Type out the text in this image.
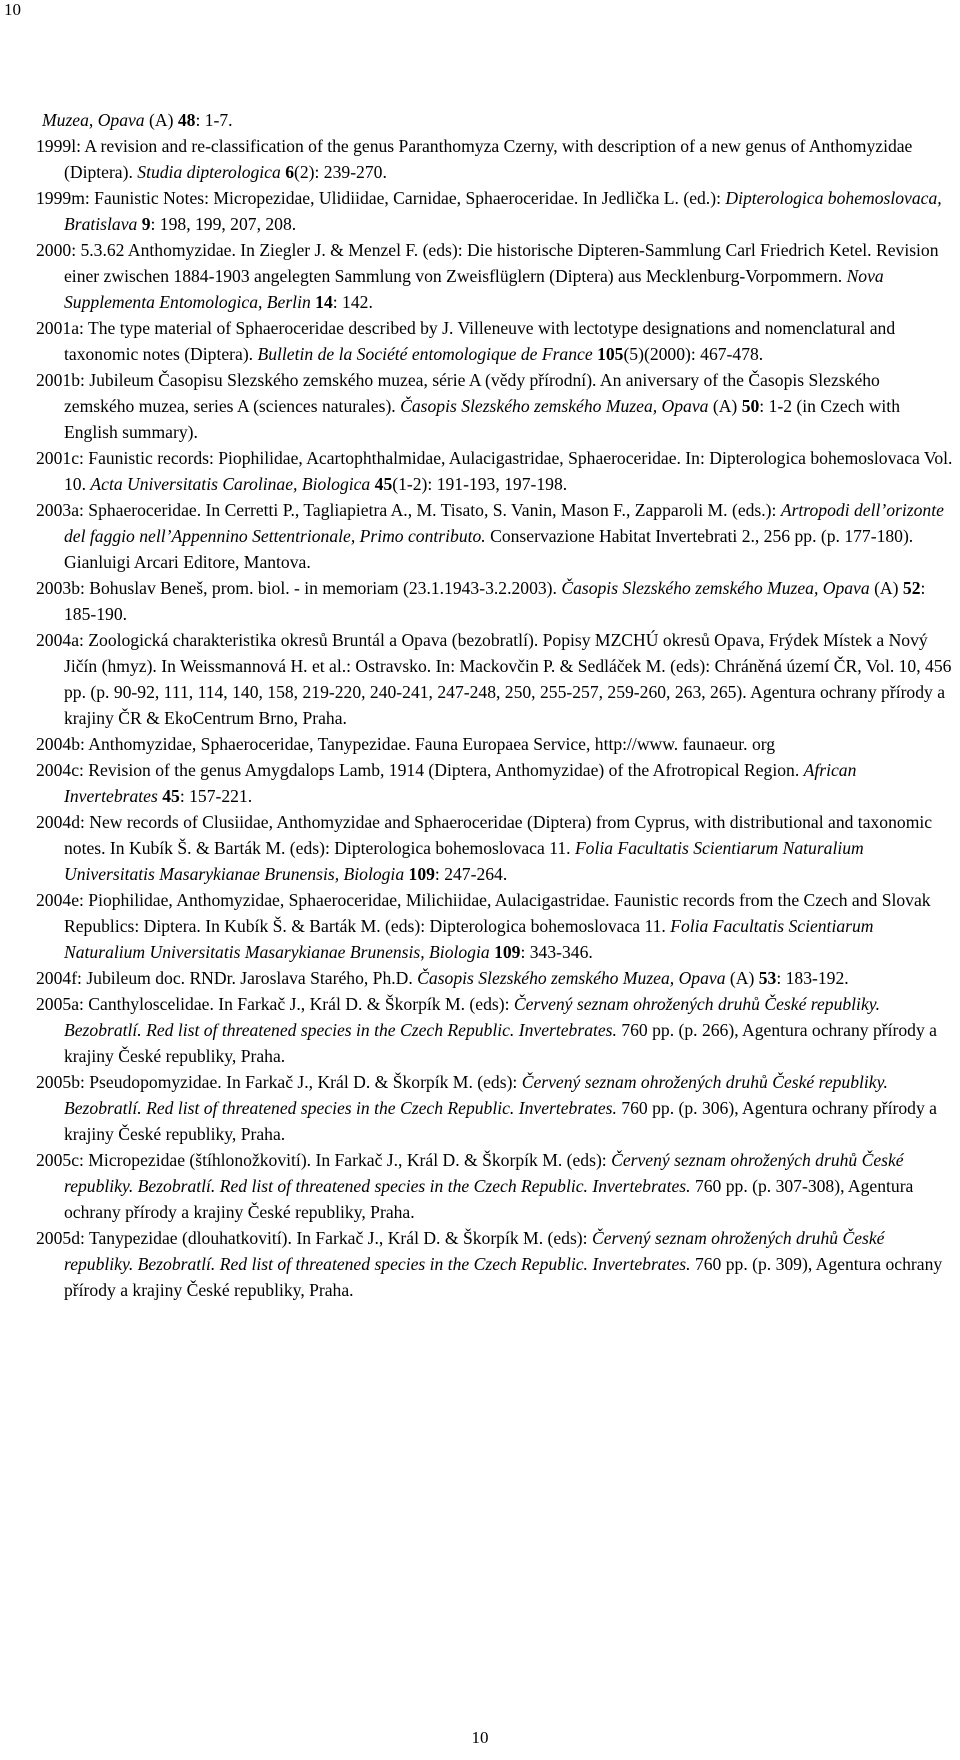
10

Muzea, Opava (A) 48: 1-7.

1999l: A revision and re-classification of the genus Paranthomyza Czerny, with description of a new genus of Anthomyzidae (Diptera). Studia dipterologica 6(2): 239-270.

1999m: Faunistic Notes: Micropezidae, Ulidiidae, Carnidae, Sphaeroceridae. In Jedlička L. (ed.): Dipterologica bohemoslovaca, Bratislava 9: 198, 199, 207, 208.

2000: 5.3.62 Anthomyzidae. In Ziegler J. & Menzel F. (eds): Die historische Dipteren-Sammlung Carl Friedrich Ketel. Revision einer zwischen 1884-1903 angelegten Sammlung von Zweisflüglern (Diptera) aus Mecklenburg-Vorpommern. Nova Supplementa Entomologica, Berlin 14: 142.

2001a: The type material of Sphaeroceridae described by J. Villeneuve with lectotype designations and nomenclatural and taxonomic notes (Diptera). Bulletin de la Société entomologique de France 105(5)(2000): 467-478.

2001b: Jubileum Časopisu Slezského zemského muzea, série A (vědy přírodní). An aniversary of the Časopis Slezského zemského muzea, series A (sciences naturales). Časopis Slezského zemského Muzea, Opava (A) 50: 1-2 (in Czech with English summary).

2001c: Faunistic records: Piophilidae, Acartophthalmidae, Aulacigastridae, Sphaeroceridae. In: Dipterologica bohemoslovaca Vol. 10. Acta Universitatis Carolinae, Biologica 45(1-2): 191-193, 197-198.

2003a: Sphaeroceridae. In Cerretti P., Tagliapietra A., M. Tisato, S. Vanin, Mason F., Zapparoli M. (eds.): Artropodi dell’orizonte del faggio nell’Appennino Settentrionale, Primo contributo. Conservazione Habitat Invertebrati 2., 256 pp. (p. 177-180). Gianluigi Arcari Editore, Mantova.

2003b: Bohuslav Beneš, prom. biol. - in memoriam (23.1.1943-3.2.2003). Časopis Slezského zemského Muzea, Opava (A) 52: 185-190.

2004a: Zoologická charakteristika okresů Bruntál a Opava (bezobratlí). Popisy MZCHÚ okresů Opava, Frýdek Místek a Nový Jičín (hmyz). In Weissmannová H. et al.: Ostravsko. In: Mackovčin P. & Sedláček M. (eds): Chráněná území ČR, Vol. 10, 456 pp. (p. 90-92, 111, 114, 140, 158, 219-220, 240-241, 247-248, 250, 255-257, 259-260, 263, 265). Agentura ochrany přírody a krajiny ČR & EkoCentrum Brno, Praha.

2004b: Anthomyzidae, Sphaeroceridae, Tanypezidae. Fauna Europaea Service, http://www. faunaeur. org

2004c: Revision of the genus Amygdalops Lamb, 1914 (Diptera, Anthomyzidae) of the Afrotropical Region. African Invertebrates 45: 157-221.

2004d: New records of Clusiidae, Anthomyzidae and Sphaeroceridae (Diptera) from Cyprus, with distributional and taxonomic notes. In Kubík Š. & Barták M. (eds): Dipterologica bohemoslovaca 11. Folia Facultatis Scientiarum Naturalium Universitatis Masarykianae Brunensis, Biologia 109: 247-264.

2004e: Piophilidae, Anthomyzidae, Sphaeroceridae, Milichiidae, Aulacigastridae. Faunistic records from the Czech and Slovak Republics: Diptera. In Kubík Š. & Barták M. (eds): Dipterologica bohemoslovaca 11. Folia Facultatis Scientiarum Naturalium Universitatis Masarykianae Brunensis, Biologia 109: 343-346.

2004f: Jubileum doc. RNDr. Jaroslava Starého, Ph.D. Časopis Slezského zemského Muzea, Opava (A) 53: 183-192.

2005a: Canthyloscelidae. In Farkač J., Král D. & Škorpík M. (eds): Červený seznam ohrožených druhů České republiky. Bezobratlí. Red list of threatened species in the Czech Republic. Invertebrates. 760 pp. (p. 266), Agentura ochrany přírody a krajiny České republiky, Praha.

2005b: Pseudopomyzidae. In Farkač J., Král D. & Škorpík M. (eds): Červený seznam ohrožených druhů České republiky. Bezobratlí. Red list of threatened species in the Czech Republic. Invertebrates. 760 pp. (p. 306), Agentura ochrany přírody a krajiny České republiky, Praha.

2005c: Micropezidae (štíhlonožkovití). In Farkač J., Král D. & Škorpík M. (eds): Červený seznam ohrožených druhů České republiky. Bezobratlí. Red list of threatened species in the Czech Republic. Invertebrates. 760 pp. (p. 307-308), Agentura ochrany přírody a krajiny České republiky, Praha.

2005d: Tanypezidae (dlouhatkovití). In Farkač J., Král D. & Škorpík M. (eds): Červený seznam ohrožených druhů České republiky. Bezobratlí. Red list of threatened species in the Czech Republic. Invertebrates. 760 pp. (p. 309), Agentura ochrany přírody a krajiny České republiky, Praha.

10
